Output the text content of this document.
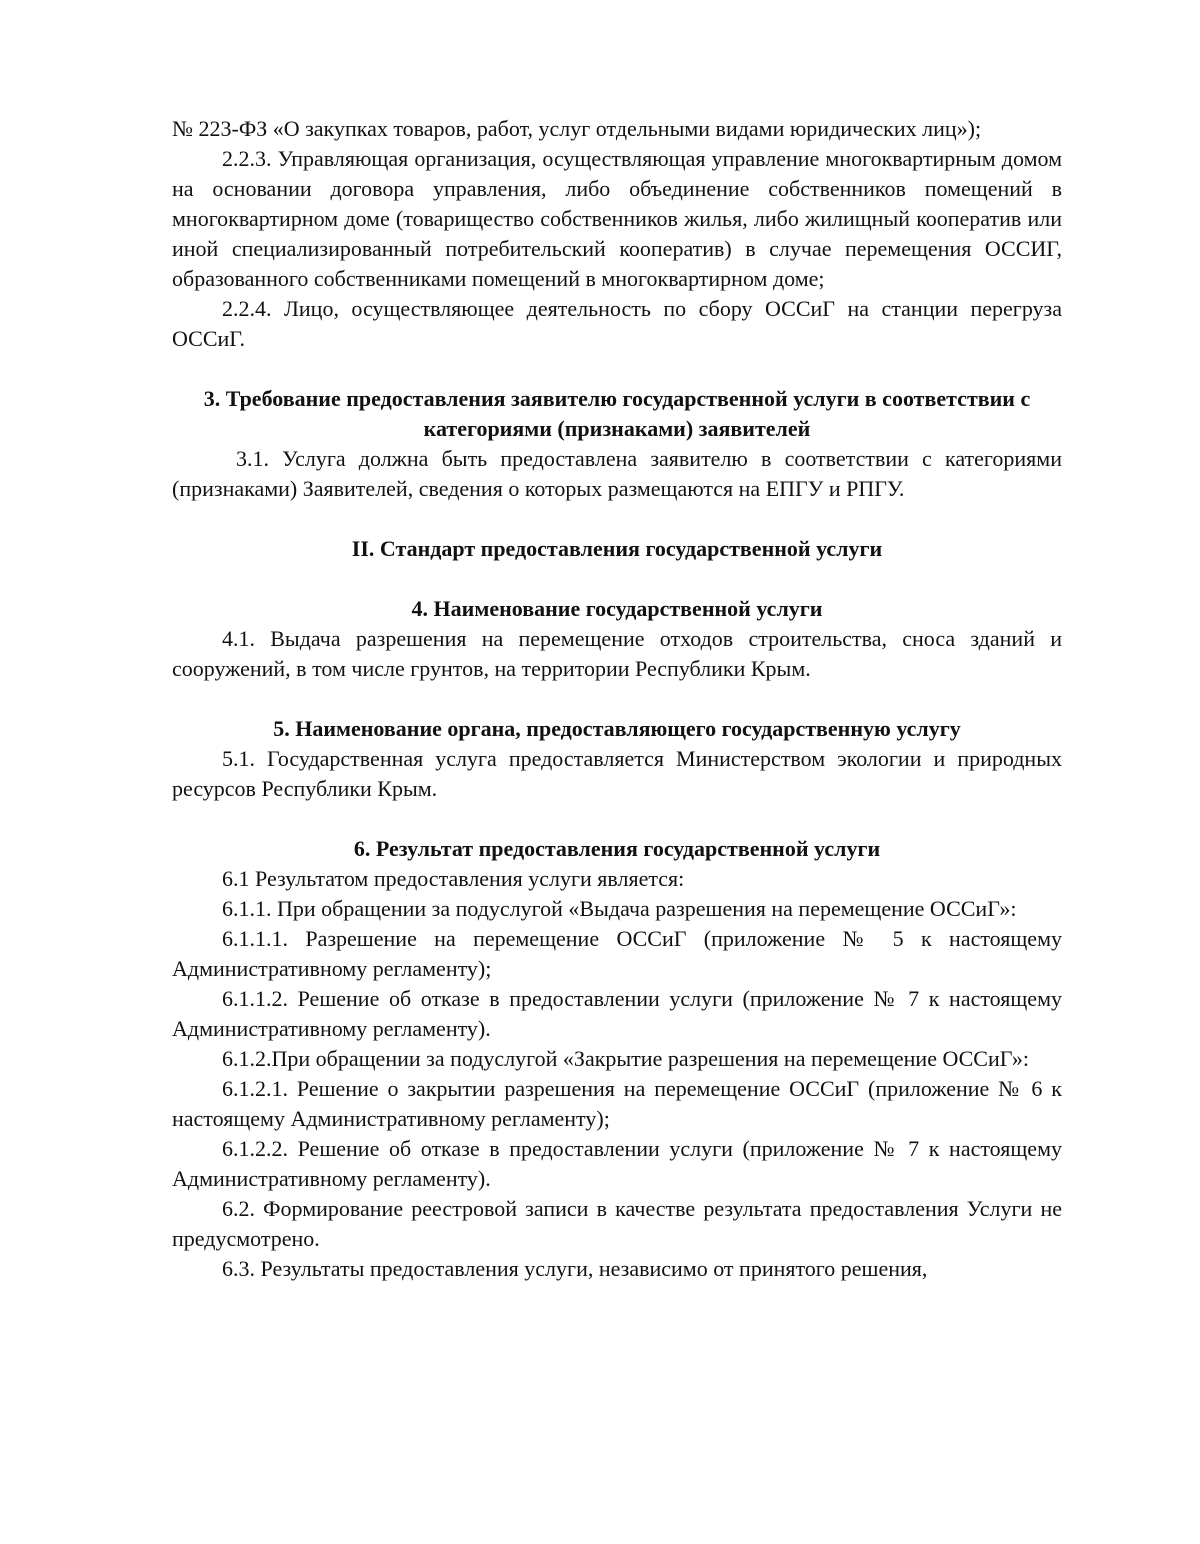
№ 223-ФЗ «О закупках товаров, работ, услуг отдельными видами юридических лиц»);

2.2.3. Управляющая организация, осуществляющая управление многоквартирным домом на основании договора управления, либо объединение собственников помещений в многоквартирном доме (товарищество собственников жилья, либо жилищный кооператив или иной специализированный потребительский кооператив) в случае перемещения ОССИГ, образованного собственниками помещений в многоквартирном доме;

2.2.4. Лицо, осуществляющее деятельность по сбору ОССиГ на станции перегруза ОССиГ.

3. Требование предоставления заявителю государственной услуги в соответствии с категориями (признаками) заявителей

3.1. Услуга должна быть предоставлена заявителю в соответствии с категориями (признаками) Заявителей, сведения о которых размещаются на ЕПГУ и РПГУ.

II. Стандарт предоставления государственной услуги
4. Наименование государственной услуги

4.1. Выдача разрешения на перемещение отходов строительства, сноса зданий и сооружений, в том числе грунтов, на территории Республики Крым.

5. Наименование органа, предоставляющего государственную услугу

5.1. Государственная услуга предоставляется Министерством экологии и природных ресурсов Республики Крым.

6. Результат предоставления государственной услуги

6.1 Результатом предоставления услуги является:

6.1.1. При обращении за подуслугой «Выдача разрешения на перемещение ОССиГ»:

6.1.1.1. Разрешение на перемещение ОССиГ (приложение № 5 к настоящему Административному регламенту);

6.1.1.2. Решение об отказе в предоставлении услуги (приложение № 7 к настоящему Административному регламенту).

6.1.2.При обращении за подуслугой «Закрытие разрешения на перемещение ОССиГ»:

6.1.2.1. Решение о закрытии разрешения на перемещение ОССиГ (приложение № 6 к настоящему Административному регламенту);

6.1.2.2. Решение об отказе в предоставлении услуги (приложение № 7 к настоящему Административному регламенту).

6.2. Формирование реестровой записи в качестве результата предоставления Услуги не предусмотрено.

6.3. Результаты предоставления услуги, независимо от принятого решения,
